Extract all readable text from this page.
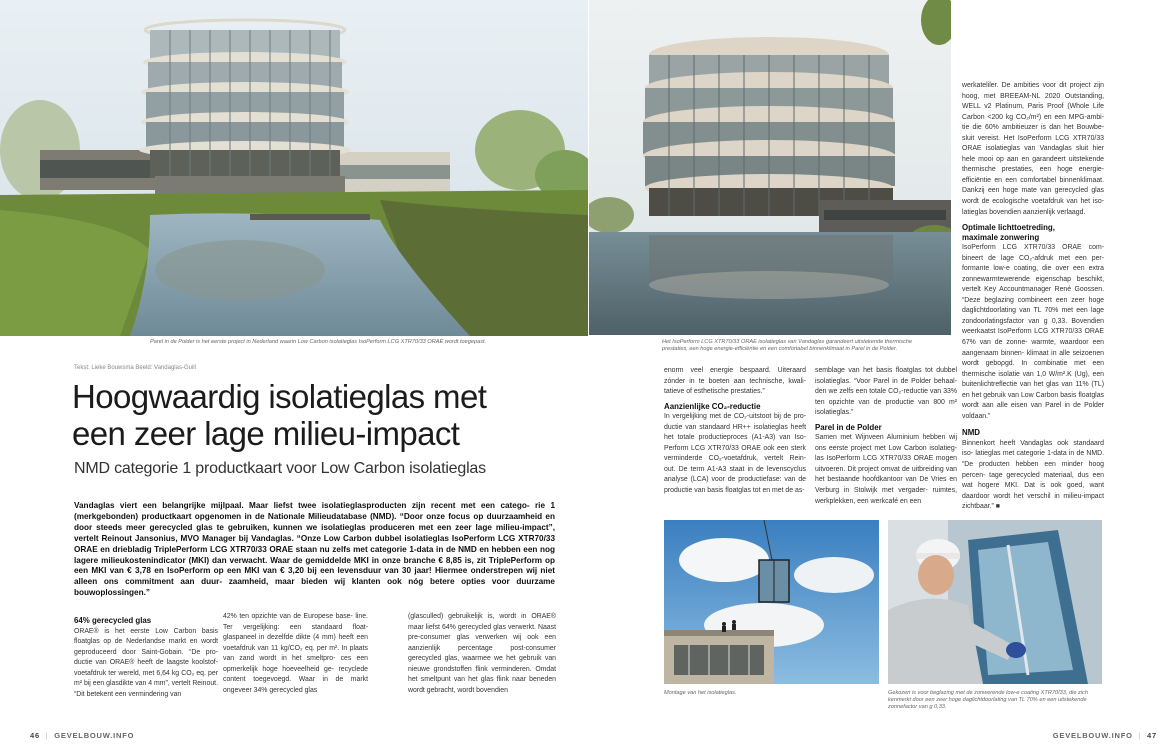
Parel in de Polder is het eerste project in Nederland waarin Low Carbon isolatieglas IsoPerform LCG XTR70/33 ORAE wordt toegepast.	Het IsoPerform LCG XTR70/33 ORAE isolatieglas van Vandaglas garandeert uitstekende thermische prestaties, een hoge energie-efficiëntie en een comfortabel binnenklimaat in Parel in de Polder.
Tekst: Lieke Bouwsma Beeld: Vandaglas-Guill
Hoogwaardig isolatieglas met
een zeer lage milieu-impact
NMD categorie 1 productkaart voor Low Carbon isolatieglas
Vandaglas viert een belangrijke mijlpaal. Maar liefst twee isolatieglasproducten zijn recent met een catego- rie 1 (merkgebonden) productkaart opgenomen in de Nationale Milieudatabase (NMD). “Door onze focus op duurzaamheid en door steeds meer gerecycled glas te gebruiken, kunnen we isolatieglas produceren met een zeer lage milieu-impact”, vertelt Reinout Jansonius, MVO Manager bij Vandaglas. “Onze Low Carbon dubbel isolatieglas IsoPerform LCG XTR70/33 ORAE en driebladig TriplePerform LCG XTR70/33 ORAE staan nu zelfs met categorie 1-data in de NMD en hebben een nog lagere milieukostenindicator (MKI) dan verwacht. Waar de gemiddelde MKI in onze branche € 8,85 is, zit TriplePerform op een MKI van € 3,78 en IsoPerform op een MKI van € 3,20 bij een levensduur van 30 jaar! Hiermee onderstrepen wij niet alleen ons commitment aan duur- zaamheid, maar bieden wij klanten ook nóg betere opties voor duurzame bouwoplossingen.”

64% gerecycled glas

ORAE® is het eerste Low Carbon basis floatglas op de Nederlandse markt en wordt geproduceerd door Saint-Gobain. “De pro- ductie van ORAE® heeft de laagste koolstof- voetafdruk ter wereld, met 6,64 kg CO₂ eq. per m² bij een glasdikte van 4 mm”, vertelt Reinout. “Dit betekent een vermindering van

42% ten opzichte van de Europese base- line. Ter vergelijking: een standaard float- glaspaneel in dezelfde dikte (4 mm) heeft een voetafdruk van 11 kg/CO₂ eq. per m². In plaats van zand wordt in het smeltpro- ces een opmerkelijk hoge hoeveelheid ge- recyclede content toegevoegd. Waar in de markt ongeveer 34% gerecycled glas

(glasculled) gebruikelijk is, wordt in ORAE® maar liefst 64% gerecycled glas verwerkt. Naast pre-consumer glas verwerken wij ook een aanzienlijk percentage post-consumer gerecycled glas, waarmee we het gebruik van nieuwe grondstoffen flink verminderen. Omdat het smeltpunt van het glas flink naar beneden wordt gebracht, wordt bovendien

enorm veel energie bespaard. Uiteraard zónder in te boeten aan technische, kwali- tatieve of esthetische prestaties.”

Aanzienlijke CO₂-reductie

In vergelijking met de CO₂-uitstoot bij de pro- ductie van standaard HR++ isolatieglas heeft het totale productieproces (A1-A3) van Iso- Perform LCG XTR70/33 ORAE ook een sterk verminderde CO₂-voetafdruk, vertelt Rein- out. De term A1-A3 staat in de levenscyclus analyse (LCA) voor de productiefase: van de productie van basis floatglas tot en met de as-

semblage van het basis floatglas tot dubbel isolatieglas. “Voor Parel in de Polder behaal- den we zelfs een totale CO₂-reductie van 33% ten opzichte van de productie van 800 m² isolatieglas.”

Parel in de Polder

Samen met Wijnveen Aluminium hebben wij ons eerste project met Low Carbon isolatieg- las IsoPerform LCG XTR70/33 ORAE mogen uitvoeren. Dit project omvat de uitbreiding van het bestaande hoofdkantoor van De Vries en Verburg in Stolwijk met vergader- ruimtes, werkplekken, een werkcafé en een

werkateliler. De ambities voor dit project zijn hoog, met BREEAM-NL 2020 Outstanding, WELL v2 Platinum, Paris Proof (Whole Life Carbon <200 kg CO₂/m²) en een MPG-ambi- tie die 60% ambitieuzer is dan het Bouwbe- sluit vereist. Het IsoPerform LCG XTR70/33 ORAE isolatieglas van Vandaglas sluit hier hele mooi op aan en garandeert uitstekende thermische prestaties, een hoge energie- efficiëntie en een comfortabel binnenklimaat. Dankzij een hoge mate van gerecycled glas wordt de ecologische voetafdruk van het iso- latieglas bovendien aanzienlijk verlaagd.

Optimale lichttoetreding,

maximale zonwering

IsoPerform LCG XTR70/33 ORAE com- bineert de lage CO₂-afdruk met een per- formante low-e coating, die over een extra zonnewarmtewerende eigenschap beschikt, vertelt Key Accountmanager René Goossen. “Deze beglazing combineert een zeer hoge daglichtdoorlating van TL 70% met een lage zondoorlatingsfactor van g 0,33. Bovendien weerkaatst IsoPerform LCG XTR70/33 ORAE 67% van de zonne- warmte, waardoor een aangenaam binnen- klimaat in alle seizoenen wordt gebορgd. In combinatie met een thermische isolatie van 1,0 W/m².K (Ug), een buitenlichtreflectie van het glas van 11% (TL) en het gebruik van Low Carbon basis floatglas wordt aan alle eisen van Parel in de Polder voldaan.”

NMD

Binnenkort heeft Vandaglas ook standaard iso- latieglas met categorie 1-data in de NMD. “De producten hebben een minder hoog percen- tage gerecycled materiaal, dus een wat hogere MKI. Dat is ook goed, want daardoor wordt het verschil in milieu-impact zichtbaar.” ■

Montage van het isolatieglas.	Gekozen is voor beglazing met de zonwerende low-e coating XTR70/33, die zich kenmerkt door een zeer hoge daglichtdoorlating van TL 70% en een uitstekende zonnefactor van g 0,33.
46  |  GEVELBOUW.INFO	GEVELBOUW.INFO  |  47
